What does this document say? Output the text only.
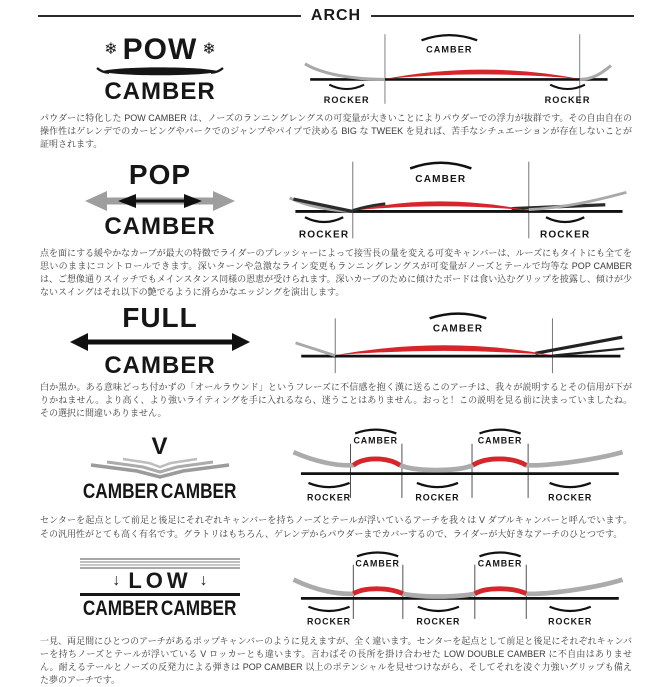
ARCH
❄ POW ❄
CAMBER
CAMBER
ROCKER	ROCKER

パウダーに特化した POW CAMBER は、ノーズのランニングレングスの可変量が大きいことによりパウダーでの浮力が抜群です。その自由自在の操作性はゲレンデでのカービングやパークでのジャンプやパイプで決める BIG な TWEEK を見れば、苦手なシチュエーションが存在しないことが証明されます。

POP
CAMBER
CAMBER
ROCKER	ROCKER

点を面にする緩やかなカーブが最大の特徴でライダーのプレッシャーによって接雪長の量を変える可変キャンバーは、ルーズにもタイトにも全てを思いのままにコントロールできます。深いターンや急激なライン変更もランニングレングスが可変量がノーズとテールで均等な POP CAMBER は、ご想像通りスイッチでもメインスタンス同様の恩恵が受けられます。深いカーブのために傾けたボードは食い込むグリップを披露し、傾けが少ないスイングはそれ以下の艶でるように滑らかなエッジングを演出します。

FULL
CAMBER
CAMBER

白か黒か。ある意味どっち付かずの「オールラウンド」というフレーズに不信感を抱く漢に送るこのアーチは、我々が説明するとその信用が下がりかねません。より高く、より強いライティングを手に入れるなら、迷うことはありません。おっと！この説明を見る前に決まっていましたね。その選択に間違いありません。

V
CAMBER CAMBER
CAMBER	CAMBER
ROCKER	ROCKER	ROCKER

センターを起点として前足と後足にそれぞれキャンバーを持ちノーズとテールが浮いているアーチを我々は V ダブルキャンバーと呼んでいます。その汎用性がとても高く有名です。グラトリはもちろん、ゲレンデからパウダーまでカバーするので、ライダーが大好きなアーチのひとつです。

↓ LOW ↓
CAMBER CAMBER
CAMBER	CAMBER
ROCKER	ROCKER	ROCKER

一見、両足間にひとつのアーチがあるポップキャンバーのように見えますが、全く違います。センターを起点として前足と後足にそれぞれキャンバーを持ちノーズとテールが浮いている V ロッカーとも違います。言わばその長所を掛け合わせた LOW DOUBLE CAMBER に不自由はありません。耐えるテールとノーズの反発力による弾きは POP CAMBER 以上のポテンシャルを見せつけながら、そしてそれを凌ぐ力強いグリップも備えた夢のアーチです。
